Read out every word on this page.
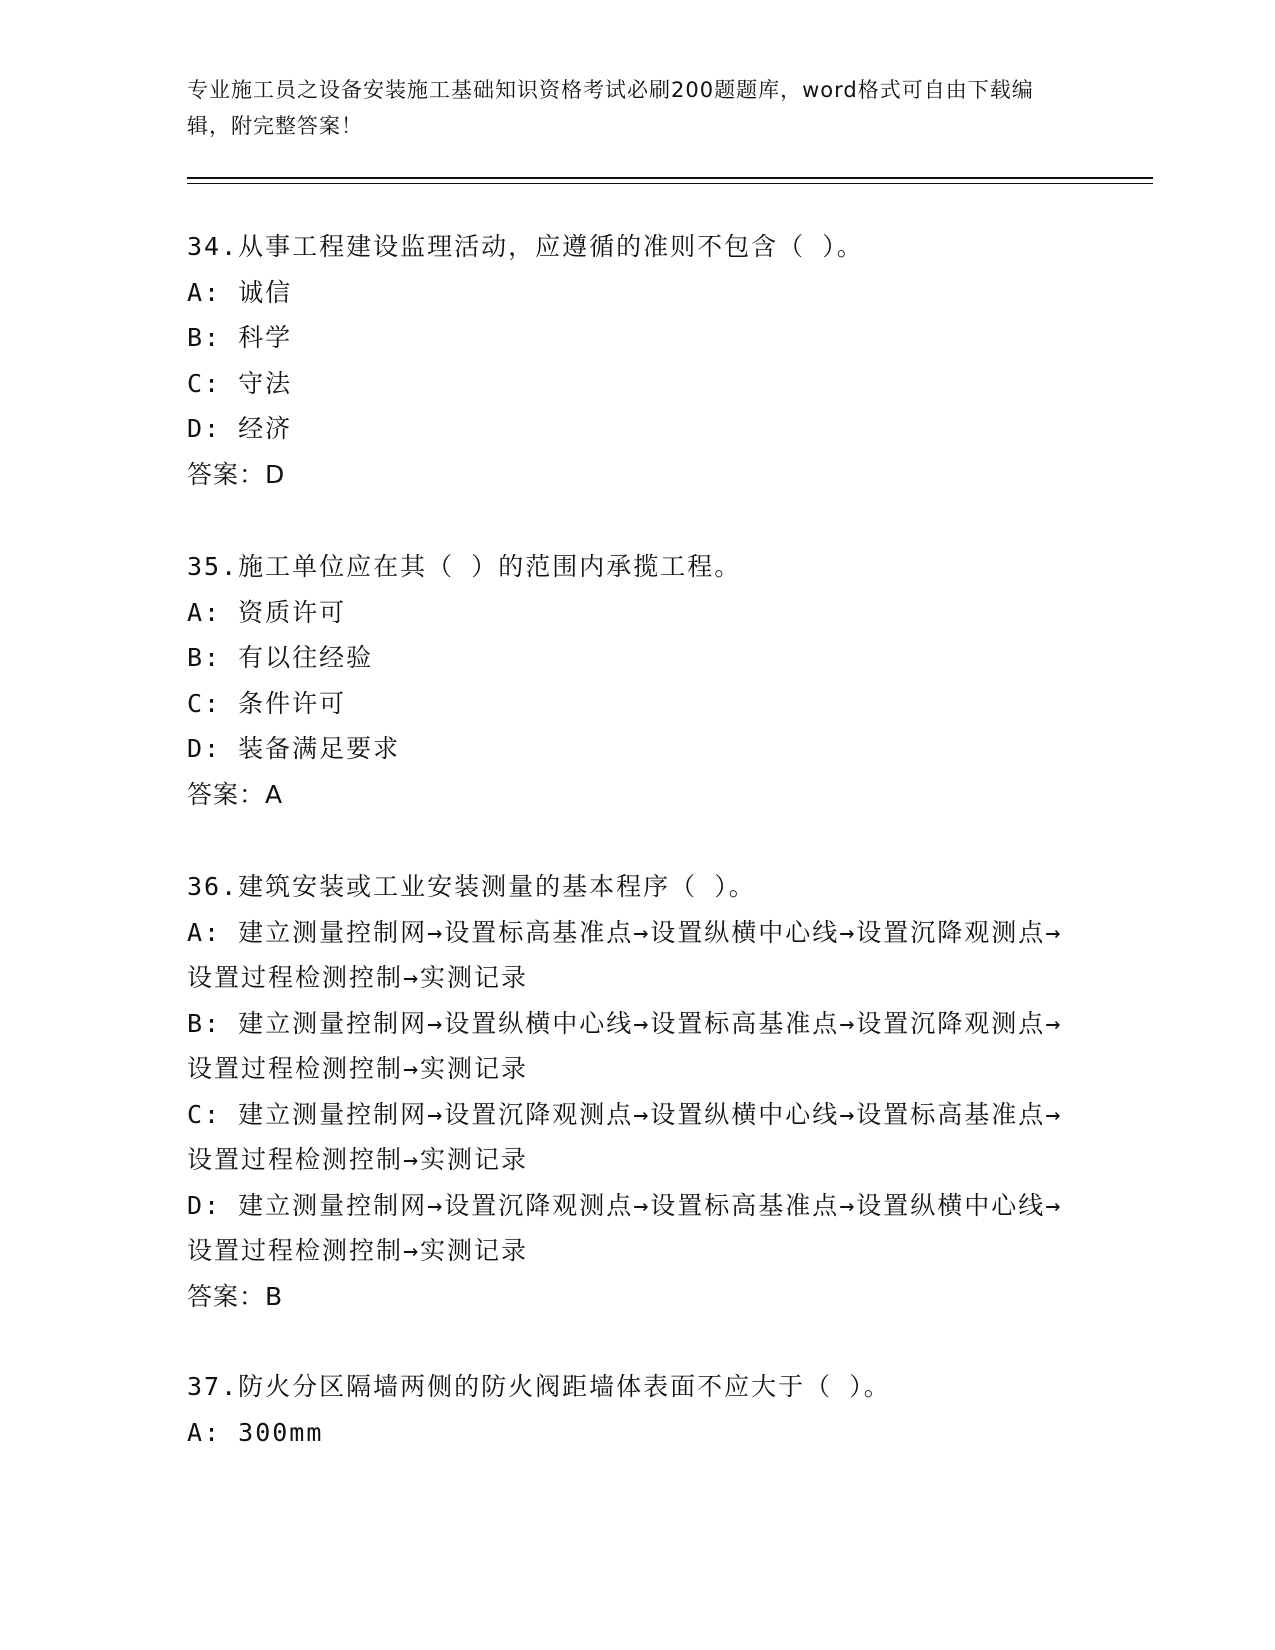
专业施工员之设备安装施工基础知识资格考试必刷200题题库，word格式可自由下载编辑，附完整答案！
34.从事工程建设监理活动，应遵循的准则不包含（ ）。
A: 诚信
B: 科学
C: 守法
D: 经济
答案：D
35.施工单位应在其（ ）的范围内承揽工程。
A: 资质许可
B: 有以往经验
C: 条件许可
D: 装备满足要求
答案：A
36.建筑安装或工业安装测量的基本程序（ ）。
A: 建立测量控制网→设置标高基准点→设置纵横中心线→设置沉降观测点→设置过程检测控制→实测记录
B: 建立测量控制网→设置纵横中心线→设置标高基准点→设置沉降观测点→设置过程检测控制→实测记录
C: 建立测量控制网→设置沉降观测点→设置纵横中心线→设置标高基准点→设置过程检测控制→实测记录
D: 建立测量控制网→设置沉降观测点→设置标高基准点→设置纵横中心线→设置过程检测控制→实测记录
答案：B
37.防火分区隔墙两侧的防火阀距墙体表面不应大于（ ）。
A: 300mm
